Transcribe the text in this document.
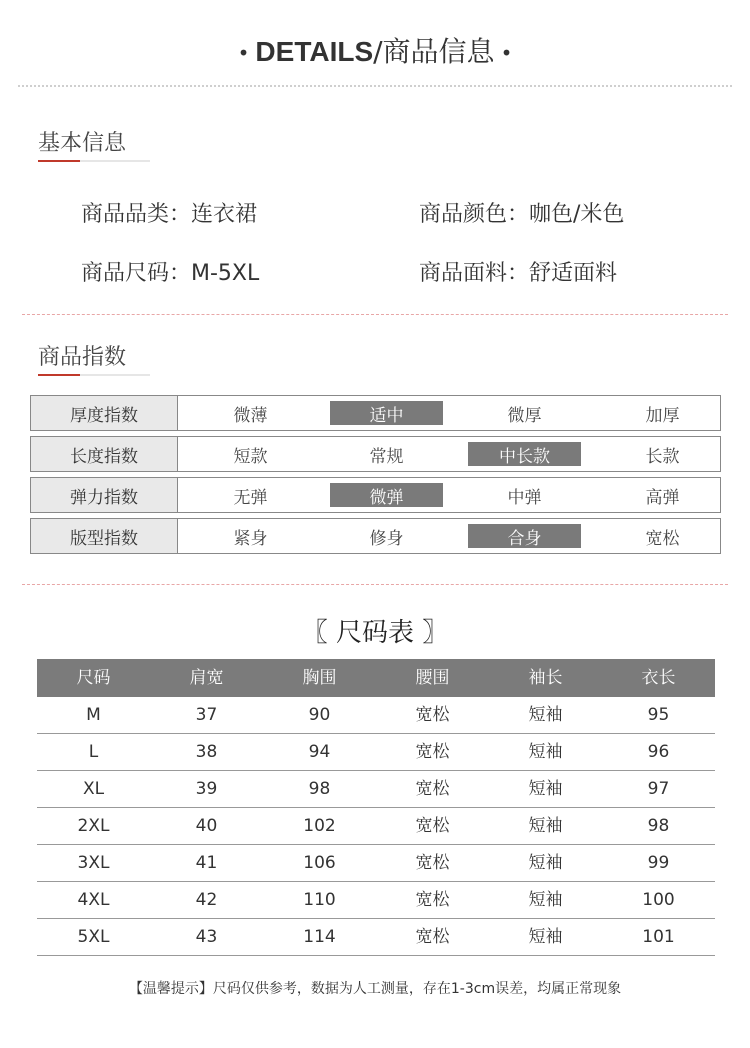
• DETAILS/商品信息 •
基本信息
商品品类：连衣裙	商品颜色：咖色/米色
商品尺码：M-5XL	商品面料：舒适面料
商品指数
厚度指数	微薄	适中	微厚	加厚
长度指数	短款	常规	中长款	长款
弹力指数	无弹	微弹	中弹	高弹
版型指数	紧身	修身	合身	宽松
〖 尺码表 〗
尺码	肩宽	胸围	腰围	袖长	衣长
M	37	90	宽松	短袖	95
L	38	94	宽松	短袖	96
XL	39	98	宽松	短袖	97
2XL	40	102	宽松	短袖	98
3XL	41	106	宽松	短袖	99
4XL	42	110	宽松	短袖	100
5XL	43	114	宽松	短袖	101
【温馨提示】尺码仅供参考，数据为人工测量，存在1-3cm误差，均属正常现象
